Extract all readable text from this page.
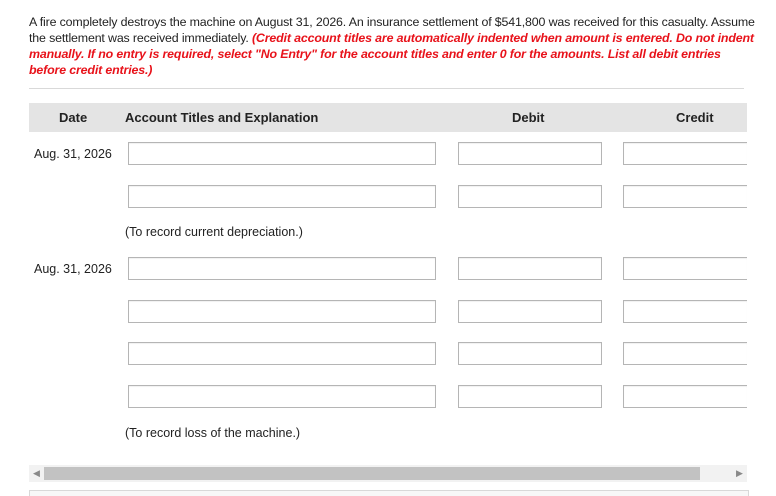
A fire completely destroys the machine on August 31, 2026. An insurance settlement of $541,800 was received for this casualty. Assume the settlement was received immediately. (Credit account titles are automatically indented when amount is entered. Do not indent manually. If no entry is required, select "No Entry" for the account titles and enter 0 for the amounts. List all debit entries before credit entries.)
Date	Account Titles and Explanation	Debit	Credit
Aug. 31, 2026
(To record current depreciation.)
Aug. 31, 2026
(To record loss of the machine.)
◀	▶
